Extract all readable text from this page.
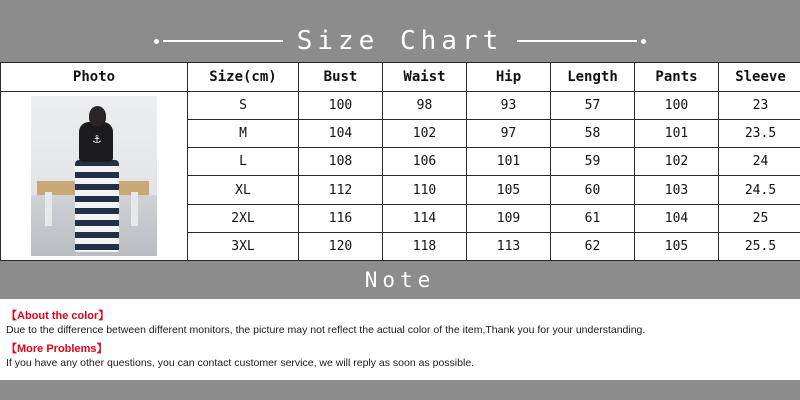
Size Chart
Photo	Size(cm)	Bust	Waist	Hip	Length	Pants	Sleeve

⚓	S	100	98	93	57	100	23
	M	104	102	97	58	101	23.5
	L	108	106	101	59	102	24
	XL	112	110	105	60	103	24.5
	2XL	116	114	109	61	104	25
	3XL	120	118	113	62	105	25.5
Note
【About the color】
Due to the difference between different monitors, the picture may not reflect the actual color of the item,Thank you for your understanding.
【More Problems】
If you have any other questions, you can contact customer service, we will reply as soon as possible.
